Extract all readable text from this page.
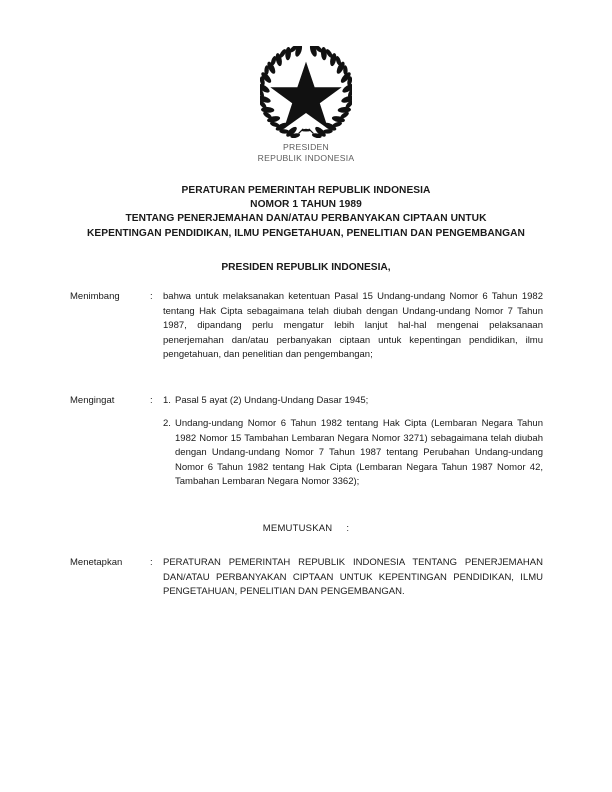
PRESIDEN
REPUBLIK INDONESIA
PERATURAN PEMERINTAH REPUBLIK INDONESIA
NOMOR 1 TAHUN 1989
TENTANG PENERJEMAHAN DAN/ATAU PERBANYAKAN CIPTAAN UNTUK
KEPENTINGAN PENDIDIKAN, ILMU PENGETAHUAN, PENELITIAN DAN PENGEMBANGAN
PRESIDEN REPUBLIK INDONESIA,
Menimbang	: bahwa untuk melaksanakan ketentuan Pasal 15 Undang-undang Nomor 6 Tahun 1982 tentang Hak Cipta sebagaimana telah diubah dengan Undang-undang Nomor 7 Tahun 1987, dipandang perlu mengatur lebih lanjut hal-hal mengenai pelaksanaan penerjemahan dan/atau perbanyakan ciptaan untuk kepentingan pendidikan, ilmu pengetahuan, dan penelitian dan pengembangan;

Mengingat	: 1. Pasal 5 ayat (2) Undang-Undang Dasar 1945;
2. Undang-undang Nomor 6 Tahun 1982 tentang Hak Cipta (Lembaran Negara Tahun 1982 Nomor 15 Tambahan Lembaran Negara Nomor 3271) sebagaimana telah diubah dengan Undang-undang Nomor 7 Tahun 1987 tentang Perubahan Undang-undang Nomor 6 Tahun 1982 tentang Hak Cipta (Lembaran Negara Tahun 1987 Nomor 42, Tambahan Lembaran Negara Nomor 3362);
MEMUTUSKAN :
Menetapkan	: PERATURAN PEMERINTAH REPUBLIK INDONESIA TENTANG PENERJEMAHAN DAN/ATAU PERBANYAKAN CIPTAAN UNTUK KEPENTINGAN PENDIDIKAN, ILMU PENGETAHUAN, PENELITIAN DAN PENGEMBANGAN.
